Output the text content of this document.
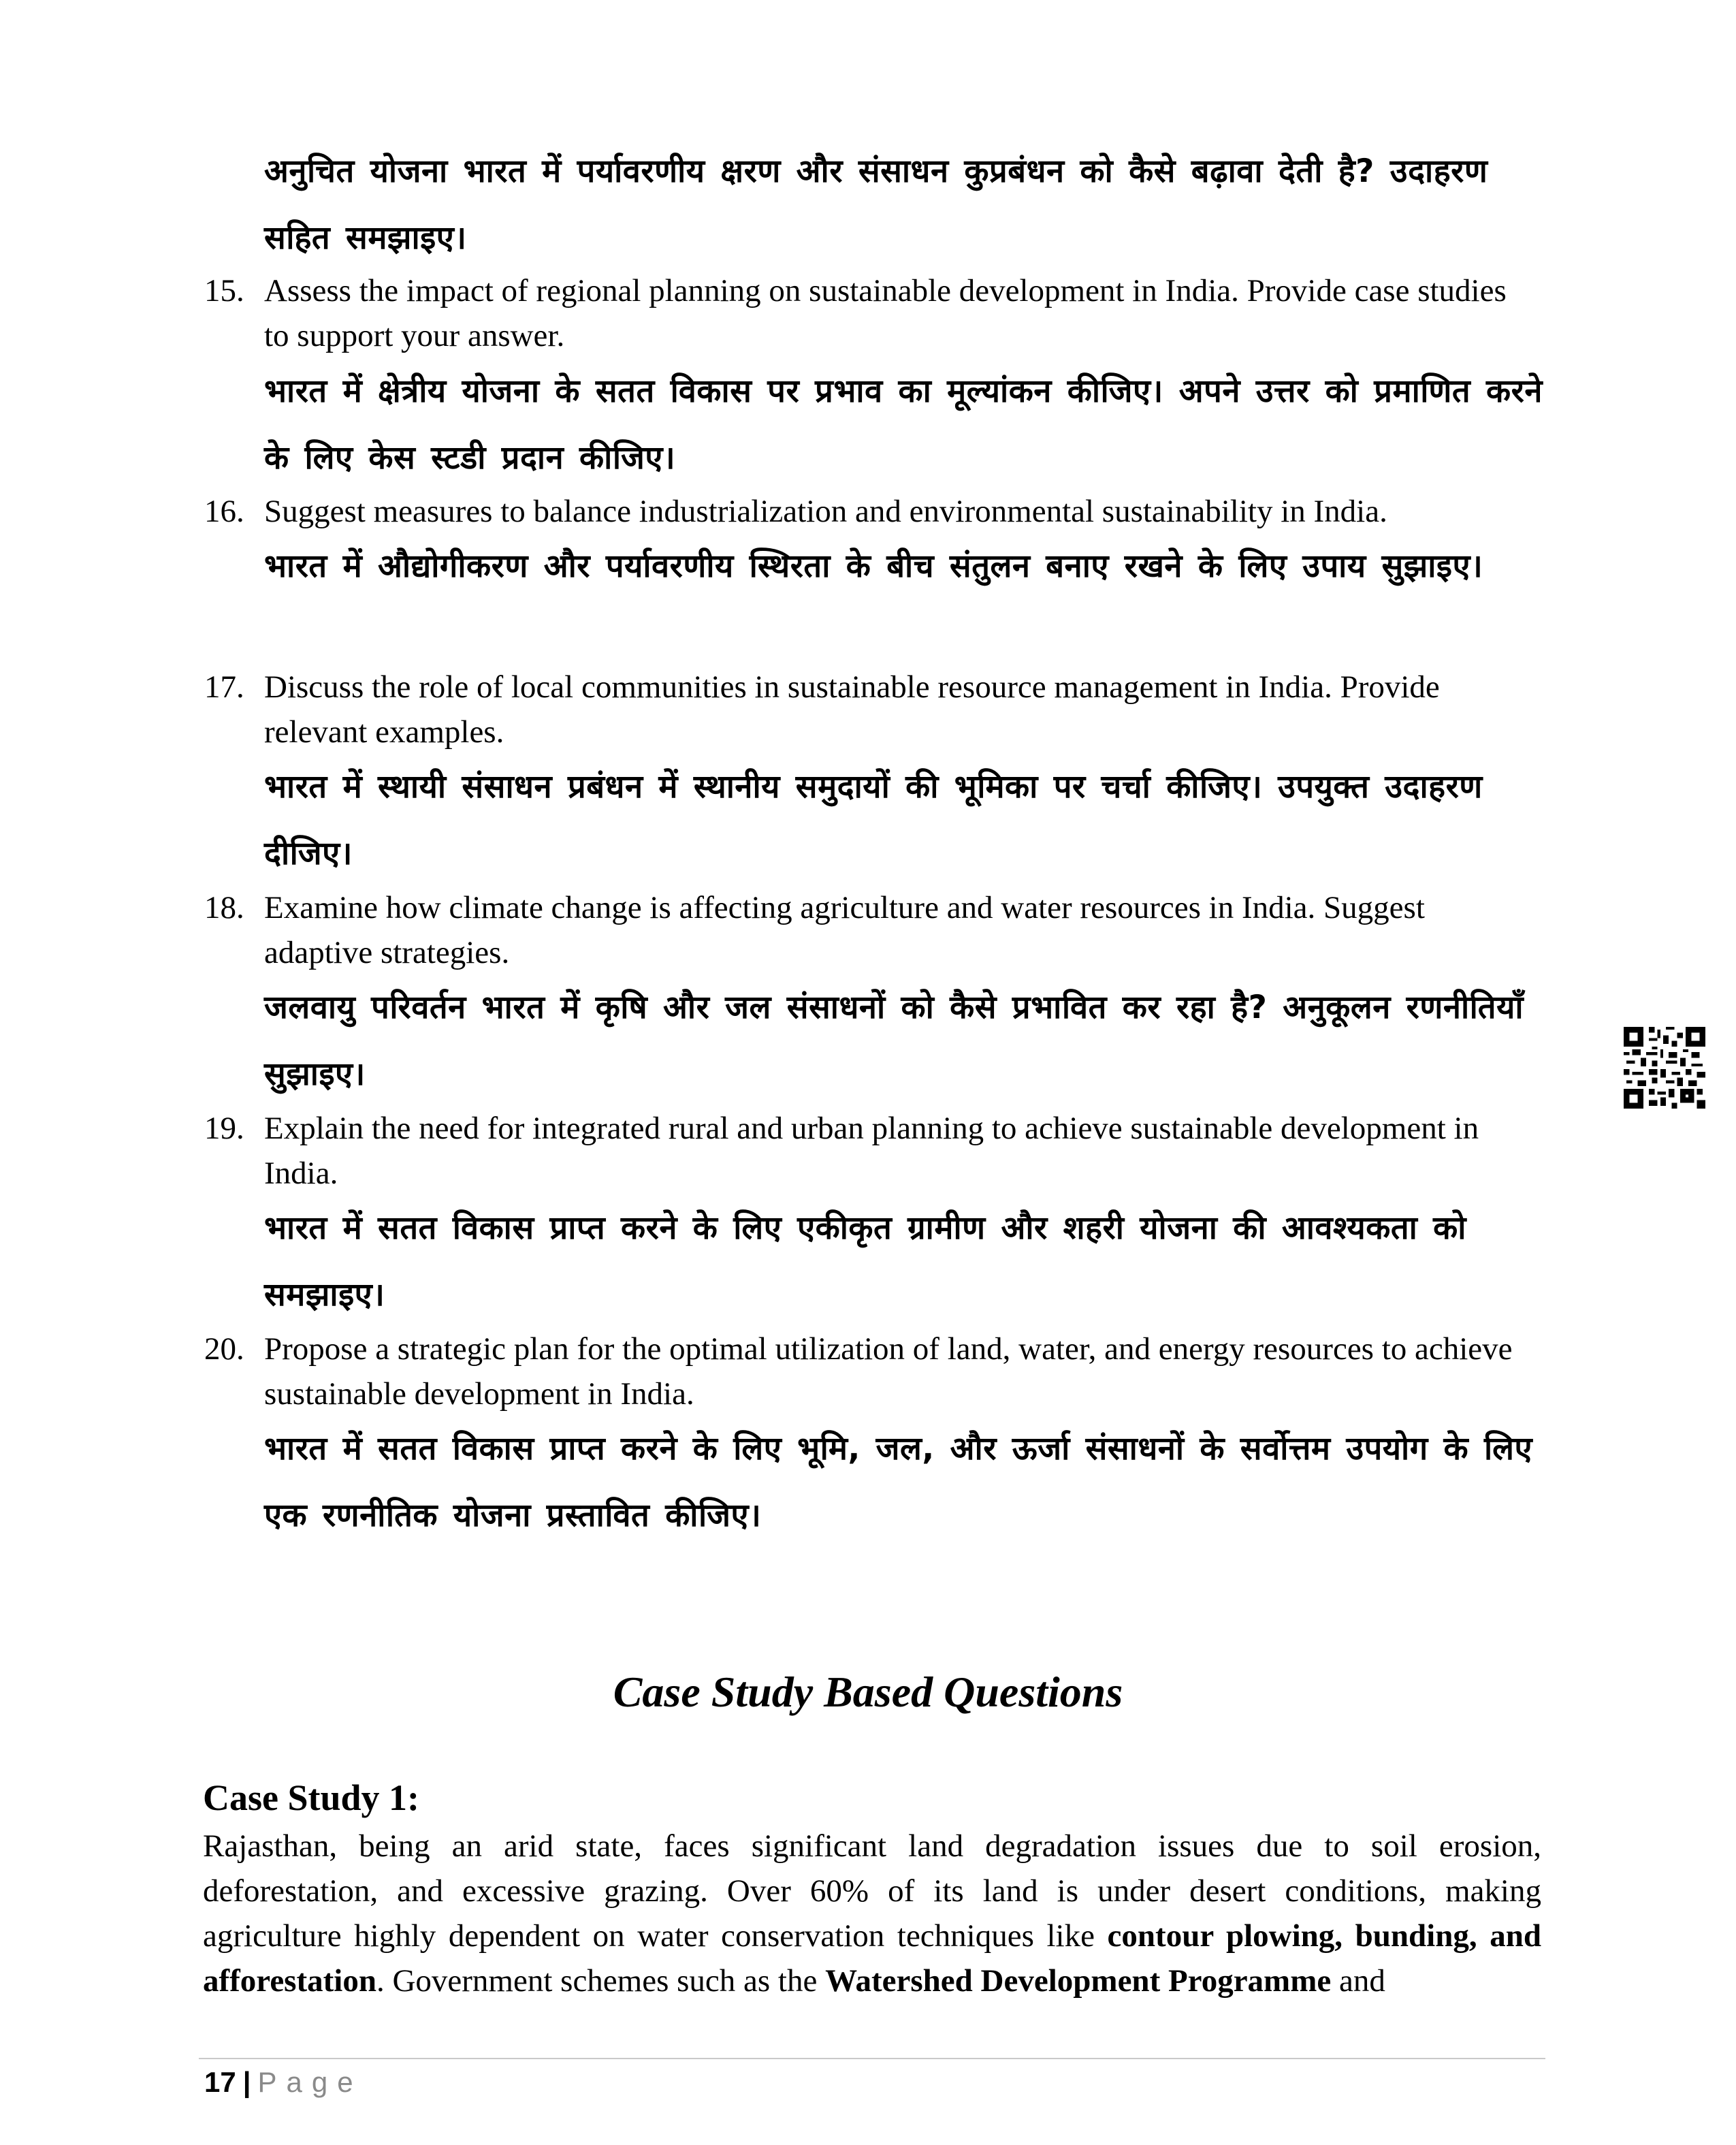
अनुचित योजना भारत में पर्यावरणीय क्षरण और संसाधन कुप्रबंधन को कैसे बढ़ावा देती है? उदाहरण सहित समझाइए।
15. Assess the impact of regional planning on sustainable development in India. Provide case studies to support your answer.
भारत में क्षेत्रीय योजना के सतत विकास पर प्रभाव का मूल्यांकन कीजिए। अपने उत्तर को प्रमाणित करने के लिए केस स्टडी प्रदान कीजिए।
16. Suggest measures to balance industrialization and environmental sustainability in India.
भारत में औद्योगीकरण और पर्यावरणीय स्थिरता के बीच संतुलन बनाए रखने के लिए उपाय सुझाइए।
17. Discuss the role of local communities in sustainable resource management in India. Provide relevant examples.
भारत में स्थायी संसाधन प्रबंधन में स्थानीय समुदायों की भूमिका पर चर्चा कीजिए। उपयुक्त उदाहरण दीजिए।
18. Examine how climate change is affecting agriculture and water resources in India. Suggest adaptive strategies.
जलवायु परिवर्तन भारत में कृषि और जल संसाधनों को कैसे प्रभावित कर रहा है? अनुकूलन रणनीतियाँ सुझाइए।
19. Explain the need for integrated rural and urban planning to achieve sustainable development in India.
भारत में सतत विकास प्राप्त करने के लिए एकीकृत ग्रामीण और शहरी योजना की आवश्यकता को समझाइए।
20. Propose a strategic plan for the optimal utilization of land, water, and energy resources to achieve sustainable development in India.
भारत में सतत विकास प्राप्त करने के लिए भूमि, जल, और ऊर्जा संसाधनों के सर्वोत्तम उपयोग के लिए एक रणनीतिक योजना प्रस्तावित कीजिए।
Case Study Based Questions
Case Study 1:
Rajasthan, being an arid state, faces significant land degradation issues due to soil erosion, deforestation, and excessive grazing. Over 60% of its land is under desert conditions, making agriculture highly dependent on water conservation techniques like contour plowing, bunding, and afforestation. Government schemes such as the Watershed Development Programme and
17 | Page
